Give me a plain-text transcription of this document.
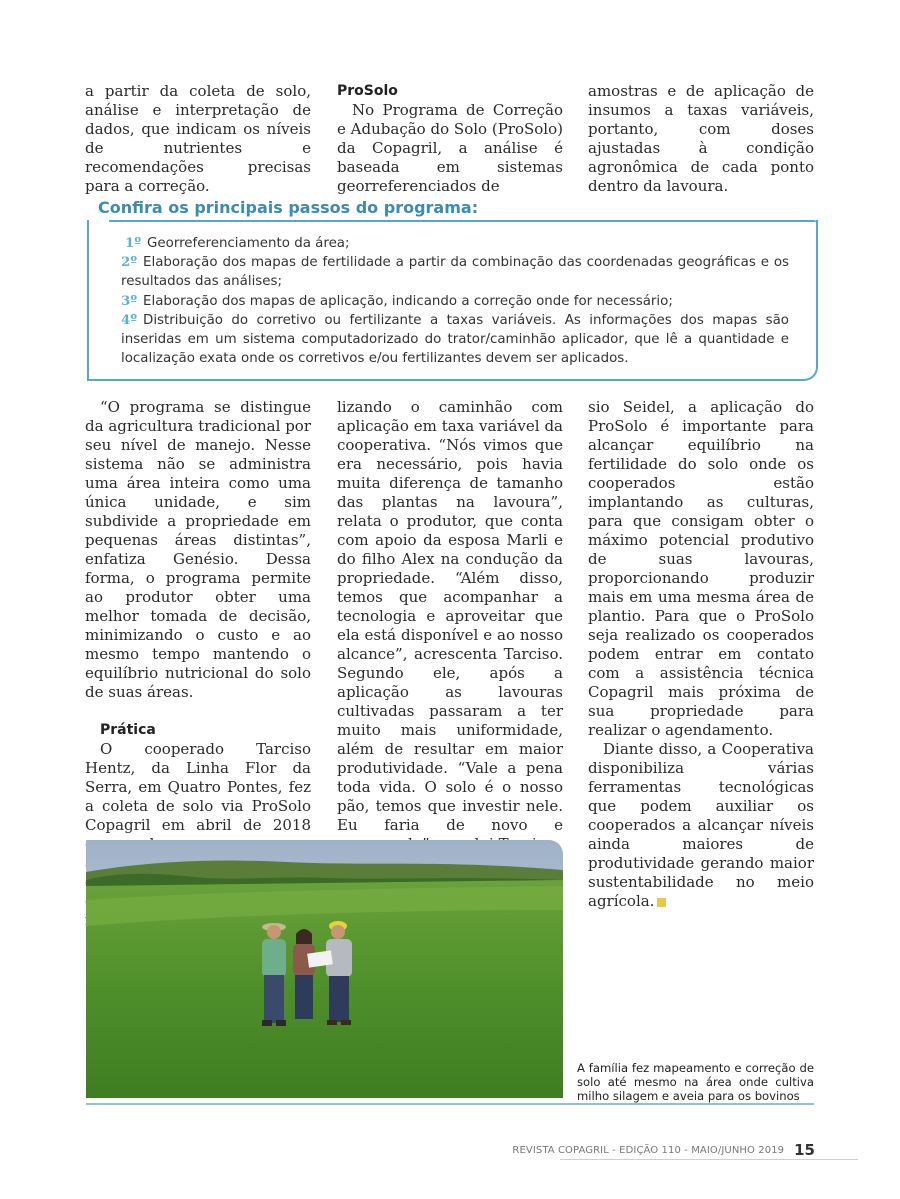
a partir da coleta de solo, análise e interpretação de dados, que indicam os níveis de nutrientes e recomendações precisas para a correção.

ProSolo

No Programa de Correção e Adubação do Solo (ProSolo) da Copagril, a análise é baseada em sistemas georreferenciados de

amostras e de aplicação de insumos a taxas variáveis, portanto, com doses ajustadas à condição agronômica de cada ponto dentro da lavoura.

Confira os principais passos do programa:

1º Georreferenciamento da área;

2º Elaboração dos mapas de fertilidade a partir da combinação das coordenadas geográficas e os resultados das análises;

3º Elaboração dos mapas de aplicação, indicando a correção onde for necessário;

4º Distribuição do corretivo ou fertilizante a taxas variáveis. As informações dos mapas são inseridas em um sistema computadorizado do trator/caminhão aplicador, que lê a quantidade e localização exata onde os corretivos e/ou fertilizantes devem ser aplicados.

“O programa se distingue da agricultura tradicional por seu nível de manejo. Nesse sistema não se administra uma área inteira como uma única unidade, e sim subdivide a propriedade em pequenas áreas distintas”, enfatiza Genésio. Dessa forma, o programa permite ao produtor obter uma melhor tomada de decisão, minimizando o custo e ao mesmo tempo mantendo o equilíbrio nutricional do solo de suas áreas.

Prática

O cooperado Tarciso Hentz, da Linha Flor da Serra, em Quatro Pontes, fez a coleta de solo via ProSolo Copagril em abril de 2018

lizando o caminhão com aplicação em taxa variável da cooperativa. “Nós vimos que era necessário, pois havia muita diferença de tamanho das plantas na lavoura”, relata o produtor, que conta com apoio da esposa Marli e do filho Alex na condução da propriedade. “Além disso, temos que acompanhar a tecnologia e aproveitar que ela está disponível e ao nosso alcance”, acrescenta Tarciso. Segundo ele, após a aplicação as lavouras cultivadas passaram a ter muito mais uniformidade, além de resultar em maior produtividade. “Vale a pena toda vida. O solo é o nosso pão, temos que investir nele. Eu faria de novo e

sio Seidel, a aplicação do ProSolo é importante para alcançar equilíbrio na fertilidade do solo onde os cooperados estão implantando as culturas, para que consigam obter o máximo potencial produtivo de suas lavouras, proporcionando produzir mais em uma mesma área de plantio. Para que o ProSolo seja realizado os cooperados podem entrar em contato com a assistência técnica Copagril mais próxima de sua propriedade para realizar o agendamento.

Diante disso, a Cooperativa disponibiliza várias ferramentas tecnológicas que podem auxiliar os cooperados a alcançar níveis ainda maiores de produtividade gerando maior sustentabilidade no meio agrícola.

A família fez mapeamento e correção de solo até mesmo na área onde cultiva milho silagem e aveia para os bovinos

REVISTA COPAGRIL - EDIÇÃO 110 - MAIO/JUNHO 2019 15
